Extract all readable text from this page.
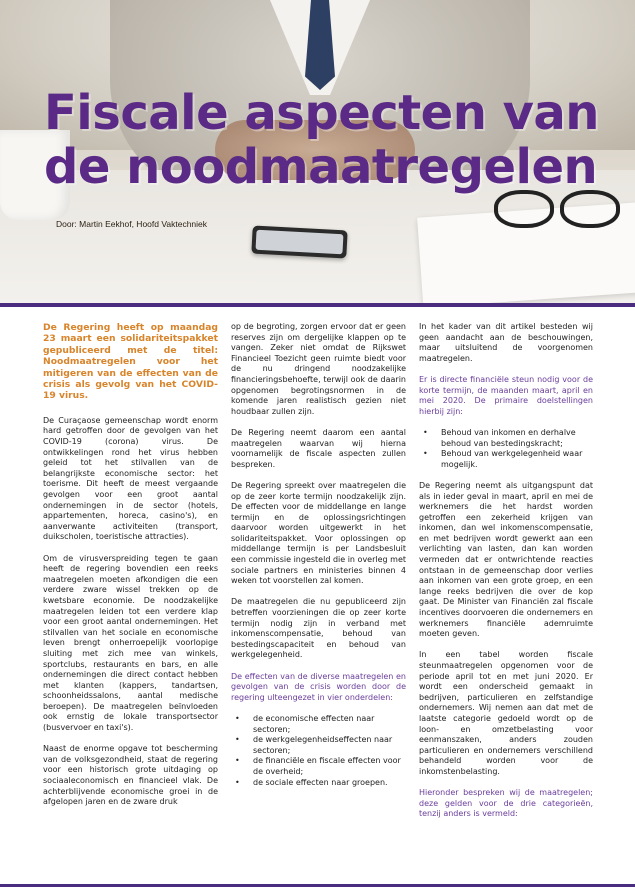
Fiscale aspecten van
de noodmaatregelen
Door: Martin Eekhof, Hoofd Vaktechniek

De Regering heeft op maandag 23 maart een solidariteitspakket gepubliceerd met de titel: Noodmaatregelen voor het mitigeren van de effecten van de crisis als gevolg van het COVID-19 virus.

De Curaçaose gemeenschap wordt enorm hard getroffen door de gevolgen van het COVID-19 (corona) virus. De ontwikkelingen rond het virus hebben geleid tot het stilvallen van de belangrijkste economische sector: het toerisme. Dit heeft de meest vergaande gevolgen voor een groot aantal ondernemingen in de sector (hotels, appartementen, horeca, casino's), en aanverwante activiteiten (transport, duikscholen, toeristische attracties).

Om de virusverspreiding tegen te gaan heeft de regering bovendien een reeks maatregelen moeten afkondigen die een verdere zware wissel trekken op de kwetsbare economie. De noodzakelijke maatregelen leiden tot een verdere klap voor een groot aantal ondernemingen. Het stilvallen van het sociale en economische leven brengt onherroepelijk voorlopige sluiting met zich mee van winkels, sportclubs, restaurants en bars, en alle ondernemingen die direct contact hebben met klanten (kappers, tandartsen, schoonheidssalons, aantal medische beroepen). De maatregelen beïnvloeden ook ernstig de lokale transportsector (busvervoer en taxi's).

Naast de enorme opgave tot bescherming van de volksgezondheid, staat de regering voor een historisch grote uitdaging op sociaaleconomisch en financieel vlak. De achterblijvende economische groei in de afgelopen jaren en de zware druk

op de begroting, zorgen ervoor dat er geen reserves zijn om dergelijke klappen op te vangen. Zeker niet omdat de Rijkswet Financieel Toezicht geen ruimte biedt voor de nu dringend noodzakelijke financieringsbehoefte, terwijl ook de daarin opgenomen begrotingsnormen in de komende jaren realistisch gezien niet houdbaar zullen zijn.

De Regering neemt daarom een aantal maatregelen waarvan wij hierna voornamelijk de fiscale aspecten zullen bespreken.

De Regering spreekt over maatregelen die op de zeer korte termijn noodzakelijk zijn. De effecten voor de middellange en lange termijn en de oplossingsrichtingen daarvoor worden uitgewerkt in het solidariteitspakket. Voor oplossingen op middellange termijn is per Landsbesluit een commissie ingesteld die in overleg met sociale partners en ministeries binnen 4 weken tot voorstellen zal komen.

De maatregelen die nu gepubliceerd zijn betreffen voorzieningen die op zeer korte termijn nodig zijn in verband met inkomenscompensatie, behoud van bestedingscapaciteit en behoud van werkgelegenheid.

De effecten van de diverse maatregelen en gevolgen van de crisis worden door de regering ulteengezet in vier onderdelen:

• de economische effecten naar sectoren;
• de werkgelegenheidseffecten naar sectoren;
• de financiële en fiscale effecten voor de overheid;
• de sociale effecten naar groepen.

In het kader van dit artikel besteden wij geen aandacht aan de beschouwingen, maar uitsluitend de voorgenomen maatregelen.

Er is directe financiële steun nodig voor de korte termijn, de maanden maart, april en mei 2020. De primaire doelstellingen hierbij zijn:

• Behoud van inkomen en derhalve behoud van bestedingskracht;
• Behoud van werkgelegenheid waar mogelijk.

De Regering neemt als uitgangspunt dat als in ieder geval in maart, april en mei de werknemers die het hardst worden getroffen een zekerheid krijgen van inkomen, dan wel inkomenscompensatie, en met bedrijven wordt gewerkt aan een verlichting van lasten, dan kan worden vermeden dat er ontwrichtende reacties ontstaan in de gemeenschap door verlies aan inkomen van een grote groep, en een lange reeks bedrijven die over de kop gaat. De Minister van Financiën zal fiscale incentives doorvoeren die ondernemers en werknemers financiële ademruimte moeten geven.

In een tabel worden fiscale steunmaatregelen opgenomen voor de periode april tot en met juni 2020. Er wordt een onderscheid gemaakt in bedrijven, particulieren en zelfstandige ondernemers. Wij nemen aan dat met de laatste categorie gedoeld wordt op de loon- en omzetbelasting voor eenmanszaken, anders zouden particulieren en ondernemers verschillend behandeld worden voor de inkomstenbelasting.

Hieronder bespreken wij de maatregelen; deze gelden voor de drie categorieën, tenzij anders is vermeld:
